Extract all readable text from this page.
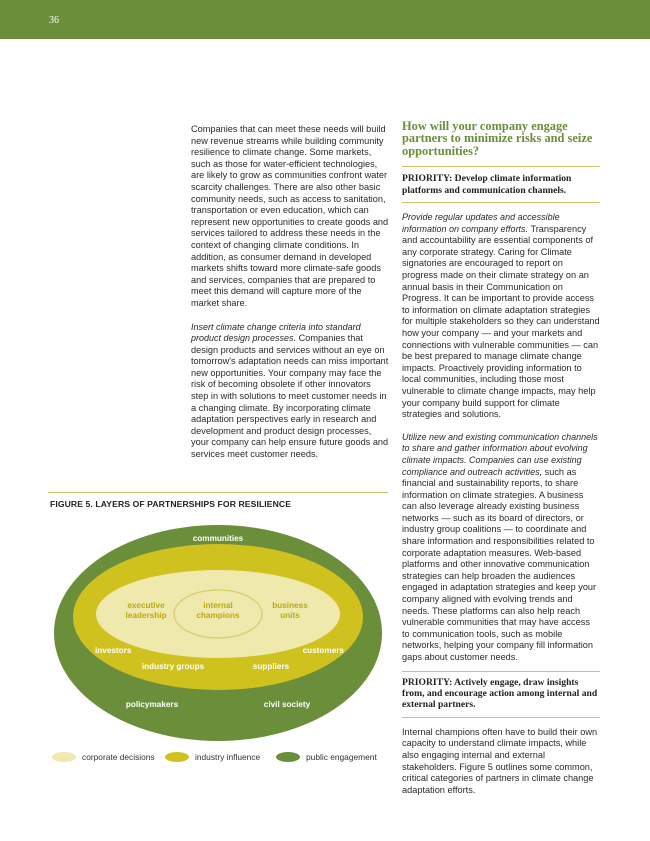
36

Companies that can meet these needs will build new revenue streams while building community resilience to climate change. Some markets, such as those for water-efficient technologies, are likely to grow as communities confront water scarcity challenges. There are also other basic community needs, such as access to sanitation, transportation or even education, which can represent new opportunities to create goods and services tailored to address these needs in the context of changing climate conditions. In addition, as consumer demand in developed markets shifts toward more climate-safe goods and services, companies that are prepared to meet this demand will capture more of the market share.

Insert climate change criteria into standard product design processes. Companies that design products and services without an eye on tomorrow's adaptation needs can miss important new opportunities. Your company may face the risk of becoming obsolete if other innovators step in with solutions to meet customer needs in a changing climate. By incorporating climate adaptation perspectives early in research and development and product design processes, your company can help ensure future goods and services meet customer needs.

FIGURE 5. LAYERS OF PARTNERSHIPS FOR RESILIENCE
communities
executive
leadership
internal
champions
business
units
investors	customers
industry groups	suppliers
policymakers	civil society
corporate decisions	industry influence	public engagement

How will your company engage partners to minimize risks and seize opportunities?

PRIORITY: Develop climate information platforms and communication channels.

Provide regular updates and accessible information on company efforts. Transparency and accountability are essential components of any corporate strategy. Caring for Climate signatories are encouraged to report on progress made on their climate strategy on an annual basis in their Communication on Progress. It can be important to provide access to information on climate adaptation strategies for multiple stakeholders so they can understand how your company — and your markets and connections with vulnerable communities — can be best prepared to manage climate change impacts. Proactively providing information to local communities, including those most vulnerable to climate change impacts, may help your company build support for climate strategies and solutions.

Utilize new and existing communication channels to share and gather information about evolving climate impacts. Companies can use existing compliance and outreach activities, such as financial and sustainability reports, to share information on climate strategies. A business can also leverage already existing business networks — such as its board of directors, or industry group coalitions — to coordinate and share information and responsibilities related to corporate adaptation measures. Web-based platforms and other innovative communication strategies can help broaden the audiences engaged in adaptation strategies and keep your company aligned with evolving trends and needs. These platforms can also help reach vulnerable communities that may have access to communication tools, such as mobile networks, helping your company fill information gaps about customer needs.

PRIORITY: Actively engage, draw insights from, and encourage action among internal and external partners.

Internal champions often have to build their own capacity to understand climate impacts, while also engaging internal and external stakeholders. Figure 5 outlines some common, critical categories of partners in climate change adaptation efforts.
